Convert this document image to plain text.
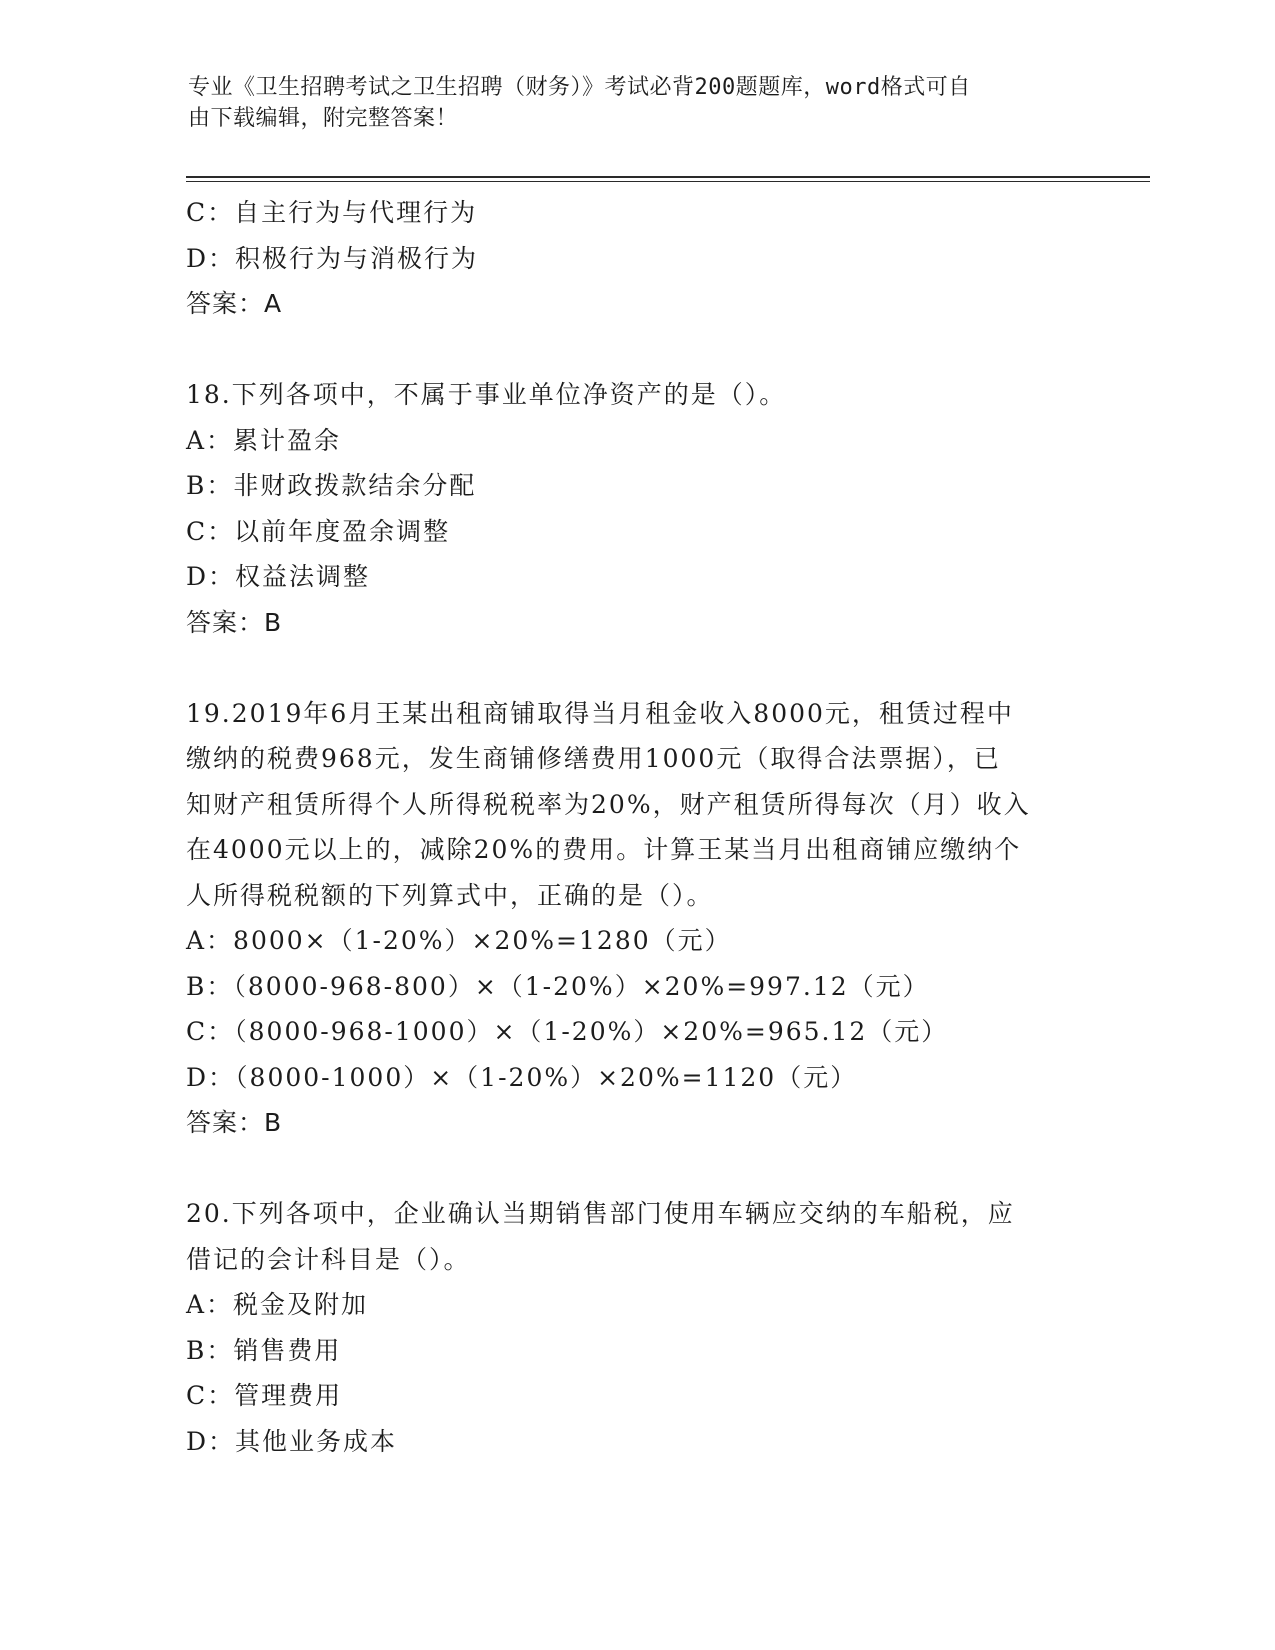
专业《卫生招聘考试之卫生招聘（财务）》考试必背200题题库，word格式可自
由下载编辑，附完整答案！
C：自主行为与代理行为
D：积极行为与消极行为
答案：A
18.下列各项中，不属于事业单位净资产的是（）。
A：累计盈余
B：非财政拨款结余分配
C：以前年度盈余调整
D：权益法调整
答案：B
19.2019年6月王某出租商铺取得当月租金收入8000元，租赁过程中
缴纳的税费968元，发生商铺修缮费用1000元（取得合法票据），已
知财产租赁所得个人所得税税率为20%，财产租赁所得每次（月）收入
在4000元以上的，减除20%的费用。计算王某当月出租商铺应缴纳个
人所得税税额的下列算式中，正确的是（）。
A：8000×（1-20%）×20%=1280（元）
B：（8000-968-800）×（1-20%）×20%=997.12（元）
C：（8000-968-1000）×（1-20%）×20%=965.12（元）
D：（8000-1000）×（1-20%）×20%=1120（元）
答案：B
20.下列各项中，企业确认当期销售部门使用车辆应交纳的车船税，应
借记的会计科目是（）。
A：税金及附加
B：销售费用
C：管理费用
D：其他业务成本
